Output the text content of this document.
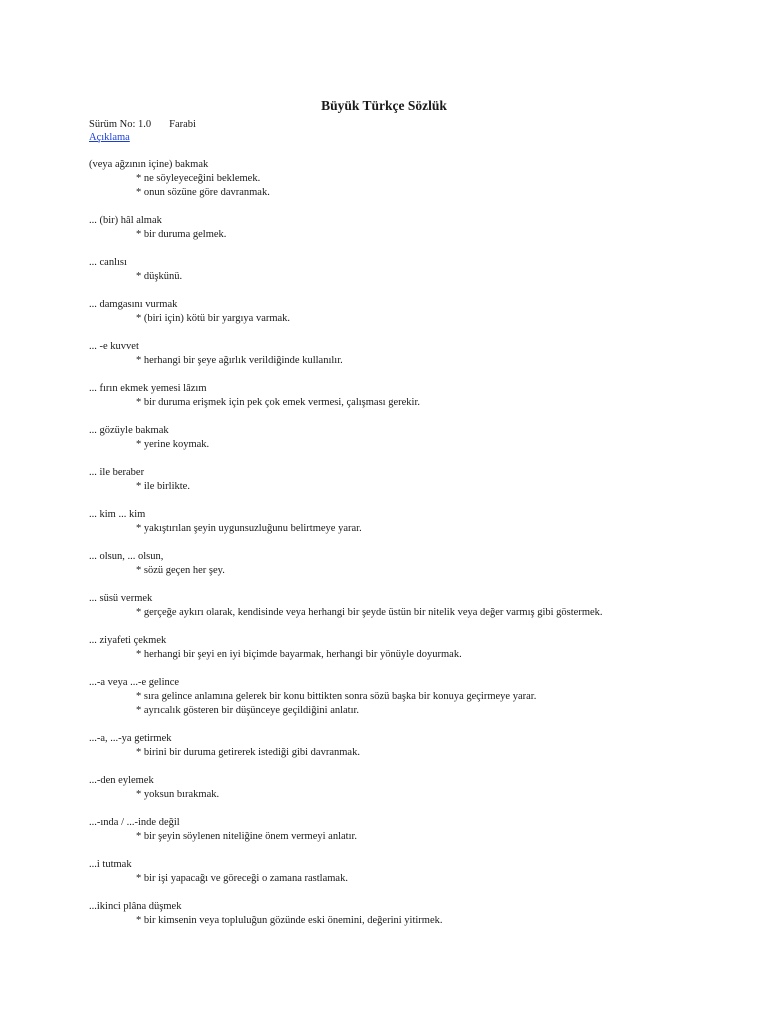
Büyük Türkçe Sözlük
Sürüm No: 1.0 Farabi
Açıklama
(veya ağzının içine) bakmak
* ne söyleyeceğini beklemek.
* onun sözüne göre davranmak.
... (bir) hâl almak
* bir duruma gelmek.
... canlısı
* düşkünü.
... damgasını vurmak
* (biri için) kötü bir yargıya varmak.
... -e kuvvet
* herhangi bir şeye ağırlık verildiğinde kullanılır.
... fırın ekmek yemesi lâzım
* bir duruma erişmek için pek çok emek vermesi, çalışması gerekir.
... gözüyle bakmak
* yerine koymak.
... ile beraber
* ile birlikte.
... kim ... kim
* yakıştırılan şeyin uygunsuzluğunu belirtmeye yarar.
... olsun, ... olsun,
* sözü geçen her şey.
... süsü vermek
* gerçeğe aykırı olarak, kendisinde veya herhangi bir şeyde üstün bir nitelik veya değer varmış gibi göstermek.
... ziyafeti çekmek
* herhangi bir şeyi en iyi biçimde bayarmak, herhangi bir yönüyle doyurmak.
...-a veya ...-e gelince
* sıra gelince anlamına gelerek bir konu bittikten sonra sözü başka bir konuya geçirmeye yarar.
* ayrıcalık gösteren bir düşünceye geçildiğini anlatır.
...-a, ...-ya getirmek
* birini bir duruma getirerek istediği gibi davranmak.
...-den eylemek
* yoksun bırakmak.
...-ında / ...-inde değil
* bir şeyin söylenen niteliğine önem vermeyi anlatır.
...i tutmak
* bir işi yapacağı ve göreceği o zamana rastlamak.
...ikinci plâna düşmek
* bir kimsenin veya topluluğun gözünde eski önemini, değerini yitirmek.
